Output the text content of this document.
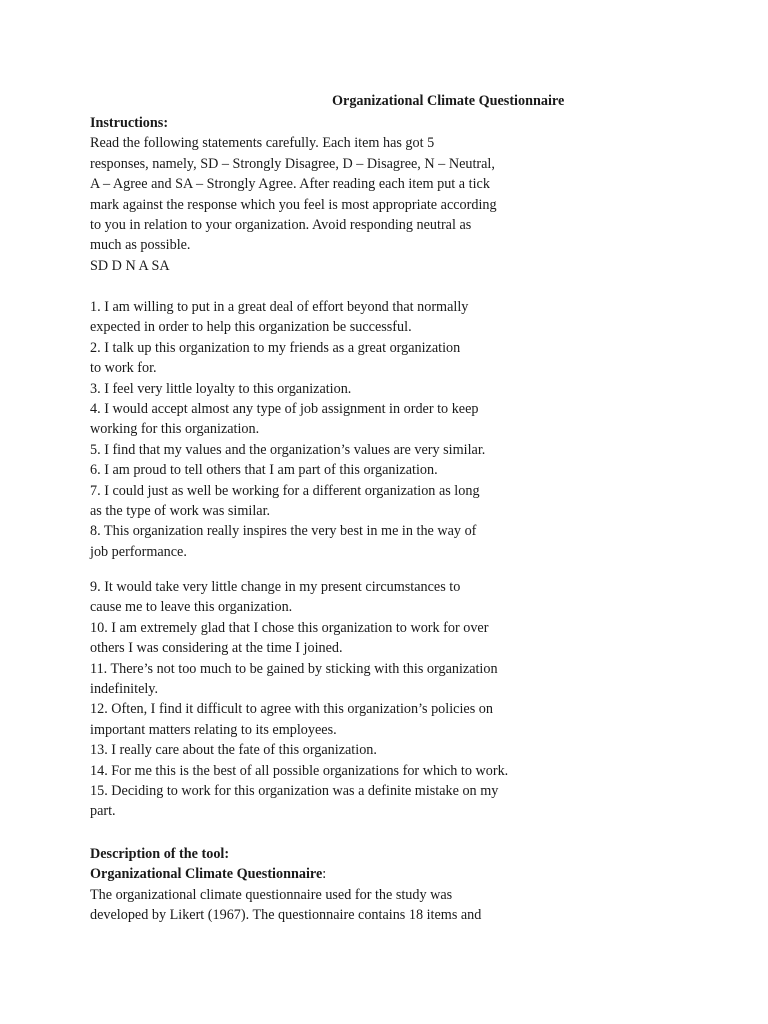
Organizational Climate Questionnaire
Instructions:
Read the following statements carefully. Each item has got 5
responses, namely, SD – Strongly Disagree, D – Disagree, N – Neutral,
A – Agree and SA – Strongly Agree. After reading each item put a tick
mark against the response which you feel is most appropriate according
to you in relation to your organization. Avoid responding neutral as
much as possible.
SD D N A SA
1. I am willing to put in a great deal of effort beyond that normally
expected in order to help this organization be successful.
2. I talk up this organization to my friends as a great organization
to work for.
3. I feel very little loyalty to this organization.
4. I would accept almost any type of job assignment in order to keep
working for this organization.
5. I find that my values and the organization’s values are very similar.
6. I am proud to tell others that I am part of this organization.
7. I could just as well be working for a different organization as long
as the type of work was similar.
8. This organization really inspires the very best in me in the way of
job performance.
9. It would take very little change in my present circumstances to
cause me to leave this organization.
10. I am extremely glad that I chose this organization to work for over
others I was considering at the time I joined.
11. There’s not too much to be gained by sticking with this organization
indefinitely.
12. Often, I find it difficult to agree with this organization’s policies on
important matters relating to its employees.
13. I really care about the fate of this organization.
14. For me this is the best of all possible organizations for which to work.
15. Deciding to work for this organization was a definite mistake on my
part.
Description of the tool:
Organizational Climate Questionnaire:
The organizational climate questionnaire used for the study was
developed by Likert (1967). The questionnaire contains 18 items and
